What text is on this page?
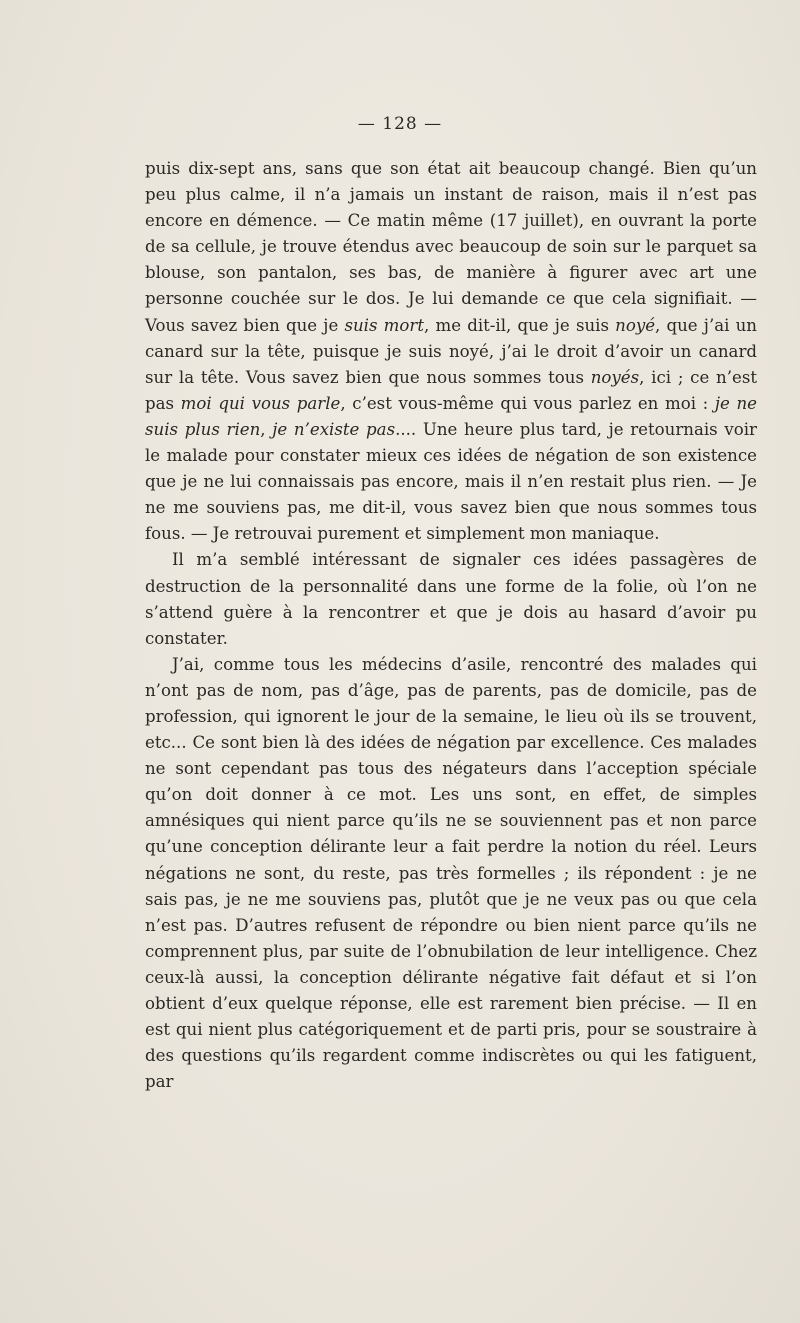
— 128 —

puis dix-sept ans, sans que son état ait beaucoup changé. Bien qu’un peu plus calme, il n’a jamais un instant de raison, mais il n’est pas encore en démence. — Ce matin même (17 juillet), en ouvrant la porte de sa cellule, je trouve étendus avec beaucoup de soin sur le parquet sa blouse, son pantalon, ses bas, de manière à figurer avec art une personne couchée sur le dos. Je lui demande ce que cela signifiait. — Vous savez bien que je suis mort, me dit-il, que je suis noyé, que j’ai un canard sur la tête, puisque je suis noyé, j’ai le droit d’avoir un canard sur la tête. Vous savez bien que nous sommes tous noyés, ici ; ce n’est pas moi qui vous parle, c’est vous-même qui vous parlez en moi : je ne suis plus rien, je n’existe pas.... Une heure plus tard, je retournais voir le malade pour constater mieux ces idées de négation de son existence que je ne lui connaissais pas encore, mais il n’en restait plus rien. — Je ne me souviens pas, me dit-il, vous savez bien que nous sommes tous fous. — Je retrouvai purement et simplement mon maniaque.

Il m’a semblé intéressant de signaler ces idées passagères de destruction de la personnalité dans une forme de la folie, où l’on ne s’attend guère à la rencontrer et que je dois au hasard d’avoir pu constater.

J’ai, comme tous les médecins d’asile, rencontré des malades qui n’ont pas de nom, pas d’âge, pas de parents, pas de domicile, pas de profession, qui ignorent le jour de la semaine, le lieu où ils se trouvent, etc... Ce sont bien là des idées de négation par excellence. Ces malades ne sont cependant pas tous des négateurs dans l’acception spéciale qu’on doit donner à ce mot. Les uns sont, en effet, de simples amnésiques qui nient parce qu’ils ne se souviennent pas et non parce qu’une conception délirante leur a fait perdre la notion du réel. Leurs négations ne sont, du reste, pas très formelles ; ils répondent : je ne sais pas, je ne me souviens pas, plutôt que je ne veux pas ou que cela n’est pas. D’autres refusent de répondre ou bien nient parce qu’ils ne comprennent plus, par suite de l’obnubilation de leur intelligence. Chez ceux-là aussi, la conception délirante négative fait défaut et si l’on obtient d’eux quelque réponse, elle est rarement bien précise. — Il en est qui nient plus catégoriquement et de parti pris, pour se soustraire à des questions qu’ils regardent comme indiscrètes ou qui les fatiguent, par
